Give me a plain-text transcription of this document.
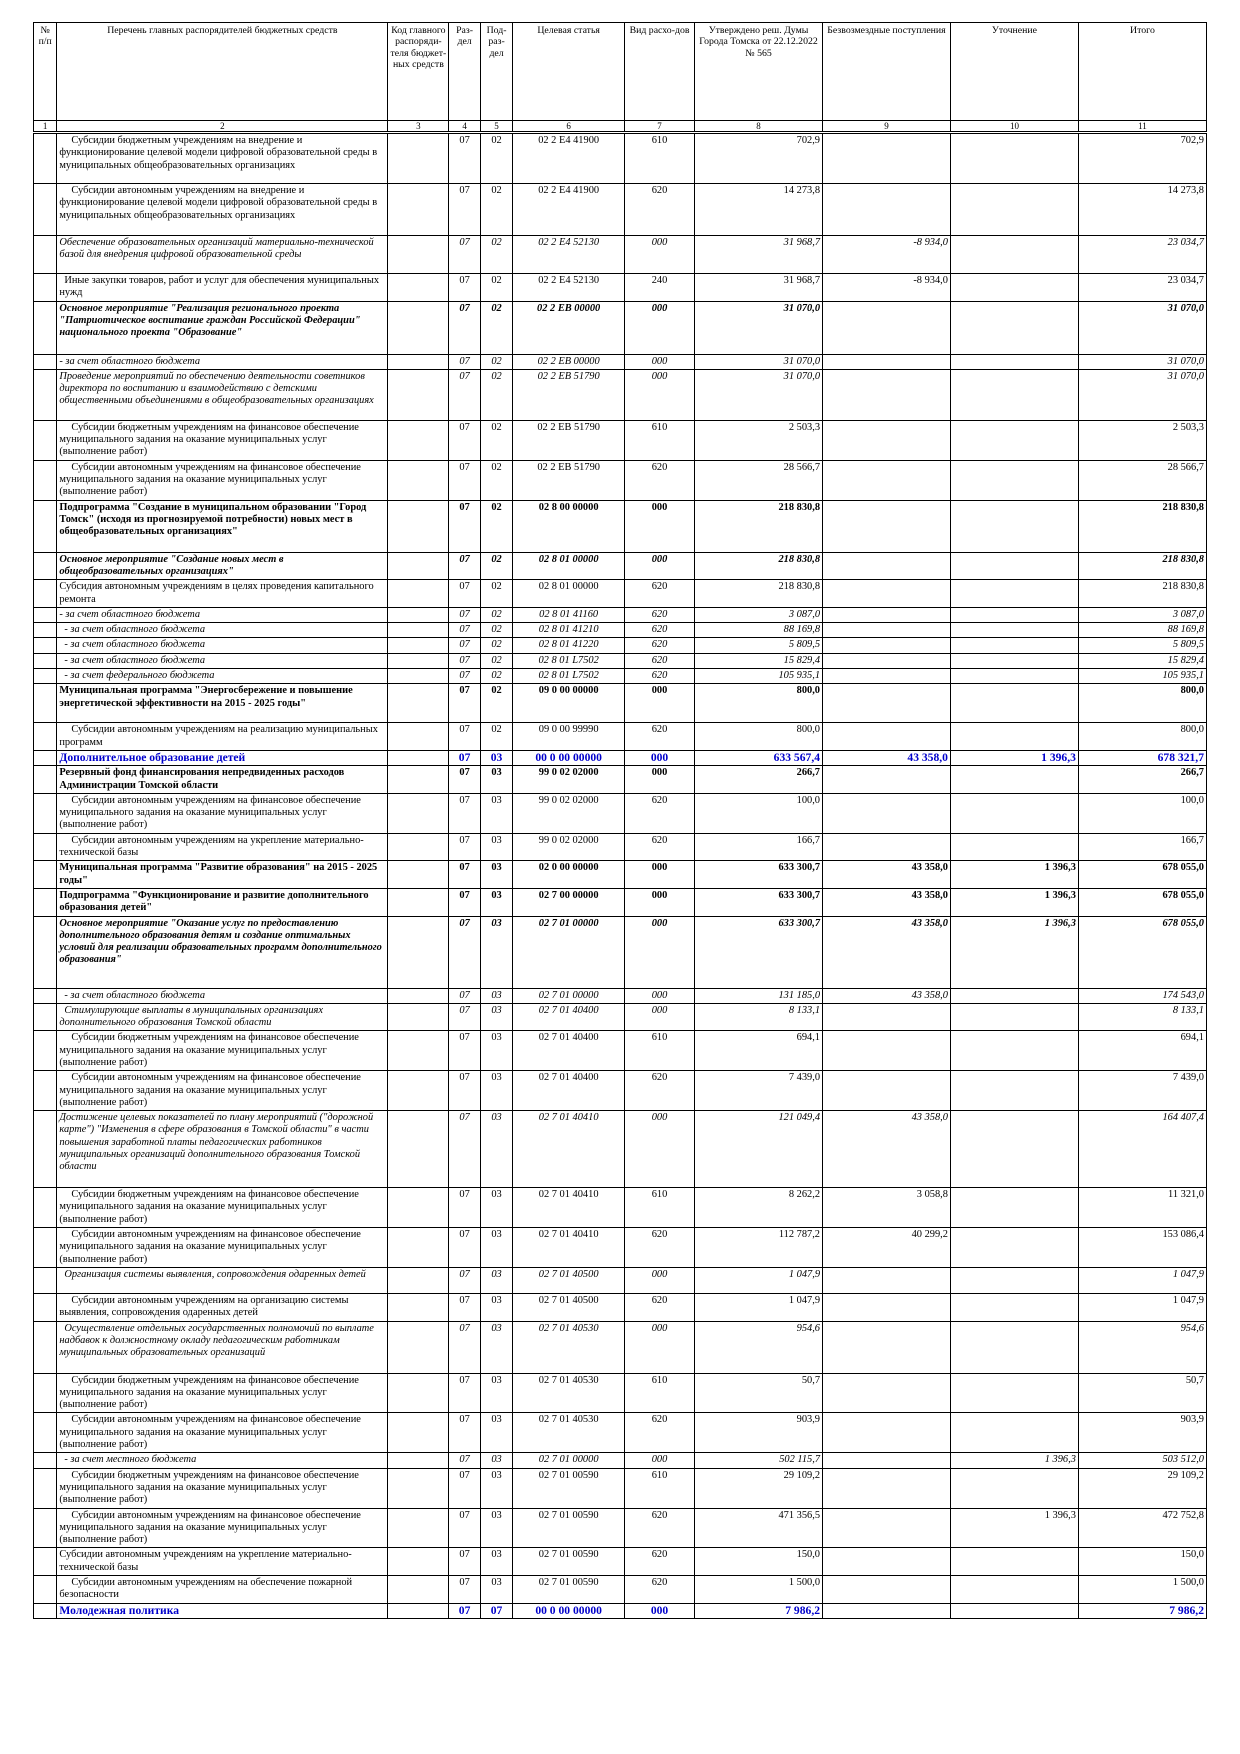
№ п/п	Перечень главных распорядителей бюджетных средств	Код главного распоряди-теля бюджет-ных средств	Раз-дел	Под-раз-дел	Целевая статья	Вид расхо-дов	Утверждено реш. Думы Города Томска от 22.12.2022 № 565	Безвозмездные поступления	Уточнение	Итого
1	2	3	4	5	6	7	8	9	10	11
	Субсидии бюджетным учреждениям на внедрение и функционирование целевой модели цифровой образовательной среды в муниципальных общеобразовательных организациях		07	02	02 2 E4 41900	610	702,9			702,9
	Субсидии автономным учреждениям на внедрение и функционирование целевой модели цифровой образовательной среды в муниципальных общеобразовательных организациях		07	02	02 2 E4 41900	620	14 273,8			14 273,8
	Обеспечение образовательных организаций материально-технической базой для внедрения цифровой образовательной среды		07	02	02 2 E4 52130	000	31 968,7	-8 934,0		23 034,7
	Иные закупки товаров, работ и услуг для обеспечения муниципальных нужд		07	02	02 2 E4 52130	240	31 968,7	-8 934,0		23 034,7
	Основное мероприятие "Реализация регионального проекта "Патриотическое воспитание граждан Российской Федерации" национального проекта "Образование"		07	02	02 2 EB 00000	000	31 070,0			31 070,0
	- за счет областного бюджета		07	02	02 2 EB 00000	000	31 070,0			31 070,0
	Проведение мероприятий по обеспечению деятельности советников директора по воспитанию и взаимодействию с детскими общественными объединениями в общеобразовательных организациях		07	02	02 2 EB 51790	000	31 070,0			31 070,0
	Субсидии бюджетным учреждениям на финансовое обеспечение муниципального задания на оказание муниципальных услуг (выполнение работ)		07	02	02 2 EB 51790	610	2 503,3			2 503,3
	Субсидии автономным учреждениям на финансовое обеспечение муниципального задания на оказание муниципальных услуг (выполнение работ)		07	02	02 2 EB 51790	620	28 566,7			28 566,7
	Подпрограмма "Создание в муниципальном образовании "Город Томск" (исходя из прогнозируемой потребности) новых мест в общеобразовательных организациях"		07	02	02 8 00 00000	000	218 830,8			218 830,8
	Основное мероприятие "Создание новых мест в общеобразовательных организациях"		07	02	02 8 01 00000	000	218 830,8			218 830,8
	Субсидия автономным учреждениям в целях проведения капитального ремонта		07	02	02 8 01 00000	620	218 830,8			218 830,8
	- за счет областного бюджета		07	02	02 8 01 41160	620	3 087,0			3 087,0
	- за счет областного бюджета		07	02	02 8 01 41210	620	88 169,8			88 169,8
	- за счет областного бюджета		07	02	02 8 01 41220	620	5 809,5			5 809,5
	- за счет областного бюджета		07	02	02 8 01 L7502	620	15 829,4			15 829,4
	- за счет федерального бюджета		07	02	02 8 01 L7502	620	105 935,1			105 935,1
	Муниципальная программа "Энергосбережение и повышение энергетической эффективности на 2015 - 2025 годы"		07	02	09 0 00 00000	000	800,0			800,0
	Субсидии автономным учреждениям на реализацию муниципальных программ		07	02	09 0 00 99990	620	800,0			800,0
	Дополнительное образование детей		07	03	00 0 00 00000	000	633 567,4	43 358,0	1 396,3	678 321,7
	Резервный фонд финансирования непредвиденных расходов Администрации Томской области		07	03	99 0 02 02000	000	266,7			266,7
	Субсидии автономным учреждениям на финансовое обеспечение муниципального задания на оказание муниципальных услуг (выполнение работ)		07	03	99 0 02 02000	620	100,0			100,0
	Субсидии автономным учреждениям на укрепление материально-технической базы		07	03	99 0 02 02000	620	166,7			166,7
	Муниципальная программа "Развитие образования" на 2015 - 2025 годы"		07	03	02 0 00 00000	000	633 300,7	43 358,0	1 396,3	678 055,0
	Подпрограмма "Функционирование и развитие дополнительного образования детей"		07	03	02 7 00 00000	000	633 300,7	43 358,0	1 396,3	678 055,0
	Основное мероприятие "Оказание услуг по предоставлению дополнительного образования детям и создание оптимальных условий для реализации образовательных программ дополнительного образования"		07	03	02 7 01 00000	000	633 300,7	43 358,0	1 396,3	678 055,0
	- за счет областного бюджета		07	03	02 7 01 00000	000	131 185,0	43 358,0		174 543,0
	Стимулирующие выплаты в муниципальных организациях дополнительного образования Томской области		07	03	02 7 01 40400	000	8 133,1			8 133,1
	Субсидии бюджетным учреждениям на финансовое обеспечение муниципального задания на оказание муниципальных услуг (выполнение работ)		07	03	02 7 01 40400	610	694,1			694,1
	Субсидии автономным учреждениям на финансовое обеспечение муниципального задания на оказание муниципальных услуг (выполнение работ)		07	03	02 7 01 40400	620	7 439,0			7 439,0
	Достижение целевых показателей по плану мероприятий ("дорожной карте") "Изменения в сфере образования в Томской области" в части повышения заработной платы педагогических работников муниципальных организаций дополнительного образования Томской области		07	03	02 7 01 40410	000	121 049,4	43 358,0		164 407,4
	Субсидии бюджетным учреждениям на финансовое обеспечение муниципального задания на оказание муниципальных услуг (выполнение работ)		07	03	02 7 01 40410	610	8 262,2	3 058,8		11 321,0
	Субсидии автономным учреждениям на финансовое обеспечение муниципального задания на оказание муниципальных услуг (выполнение работ)		07	03	02 7 01 40410	620	112 787,2	40 299,2		153 086,4
	Организация системы выявления, сопровождения одаренных детей		07	03	02 7 01 40500	000	1 047,9			1 047,9
	Субсидии автономным учреждениям на организацию системы выявления, сопровождения одаренных детей		07	03	02 7 01 40500	620	1 047,9			1 047,9
	Осуществление отдельных государственных полномочий по выплате надбавок к должностному окладу педагогическим работникам муниципальных образовательных организаций		07	03	02 7 01 40530	000	954,6			954,6
	Субсидии бюджетным учреждениям на финансовое обеспечение муниципального задания на оказание муниципальных услуг (выполнение работ)		07	03	02 7 01 40530	610	50,7			50,7
	Субсидии автономным учреждениям на финансовое обеспечение муниципального задания на оказание муниципальных услуг (выполнение работ)		07	03	02 7 01 40530	620	903,9			903,9
	- за счет местного бюджета		07	03	02 7 01 00000	000	502 115,7		1 396,3	503 512,0
	Субсидии бюджетным учреждениям на финансовое обеспечение муниципального задания на оказание муниципальных услуг (выполнение работ)		07	03	02 7 01 00590	610	29 109,2			29 109,2
	Субсидии автономным учреждениям на финансовое обеспечение муниципального задания на оказание муниципальных услуг (выполнение работ)		07	03	02 7 01 00590	620	471 356,5		1 396,3	472 752,8
	Субсидии автономным учреждениям на укрепление материально-технической базы		07	03	02 7 01 00590	620	150,0			150,0
	Субсидии автономным учреждениям на обеспечение пожарной безопасности		07	03	02 7 01 00590	620	1 500,0			1 500,0
	Молодежная политика		07	07	00 0 00 00000	000	7 986,2			7 986,2
